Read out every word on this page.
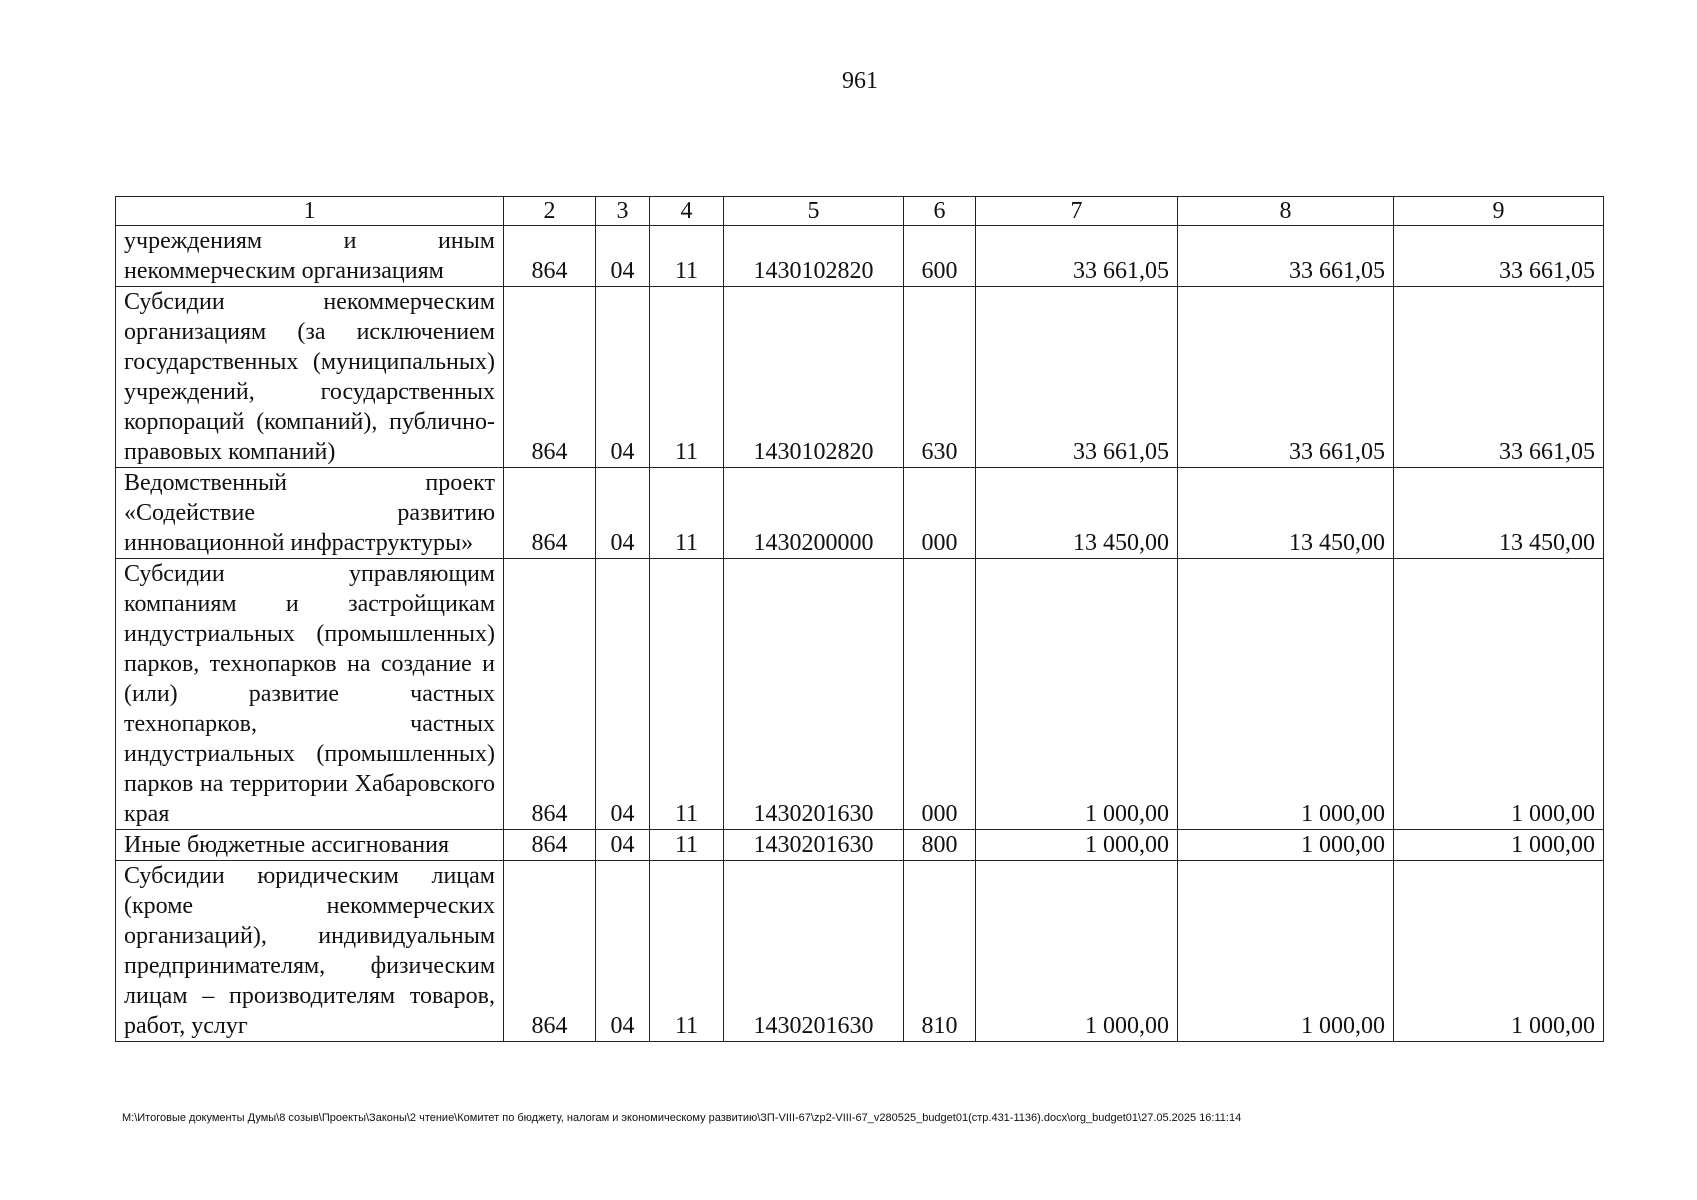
961
1	2	3	4	5	6	7	8	9
учреждениям и иным некоммерческим организациям	864	04	11	1430102820	600	33 661,05	33 661,05	33 661,05
Субсидии некоммерческим организациям (за исключением государственных (муниципальных) учреждений, государственных корпораций (компаний), публично-правовых компаний)	864	04	11	1430102820	630	33 661,05	33 661,05	33 661,05
Ведомственный проект «Содействие развитию инновационной инфраструктуры»	864	04	11	1430200000	000	13 450,00	13 450,00	13 450,00
Субсидии управляющим компаниям и застройщикам индустриальных (промышленных) парков, технопарков на создание и (или) развитие частных технопарков, частных индустриальных (промышленных) парков на территории Хабаровского края	864	04	11	1430201630	000	1 000,00	1 000,00	1 000,00
Иные бюджетные ассигнования	864	04	11	1430201630	800	1 000,00	1 000,00	1 000,00
Субсидии юридическим лицам (кроме некоммерческих организаций), индивидуальным предпринимателям, физическим лицам – производителям товаров, работ, услуг	864	04	11	1430201630	810	1 000,00	1 000,00	1 000,00
M:\Итоговые документы Думы\8 созыв\Проекты\Законы\2 чтение\Комитет по бюджету, налогам и экономическому развитию\ЗП-VIII-67\zp2-VIII-67_v280525_budget01(стр.431-1136).docx\org_budget01\27.05.2025 16:11:14
